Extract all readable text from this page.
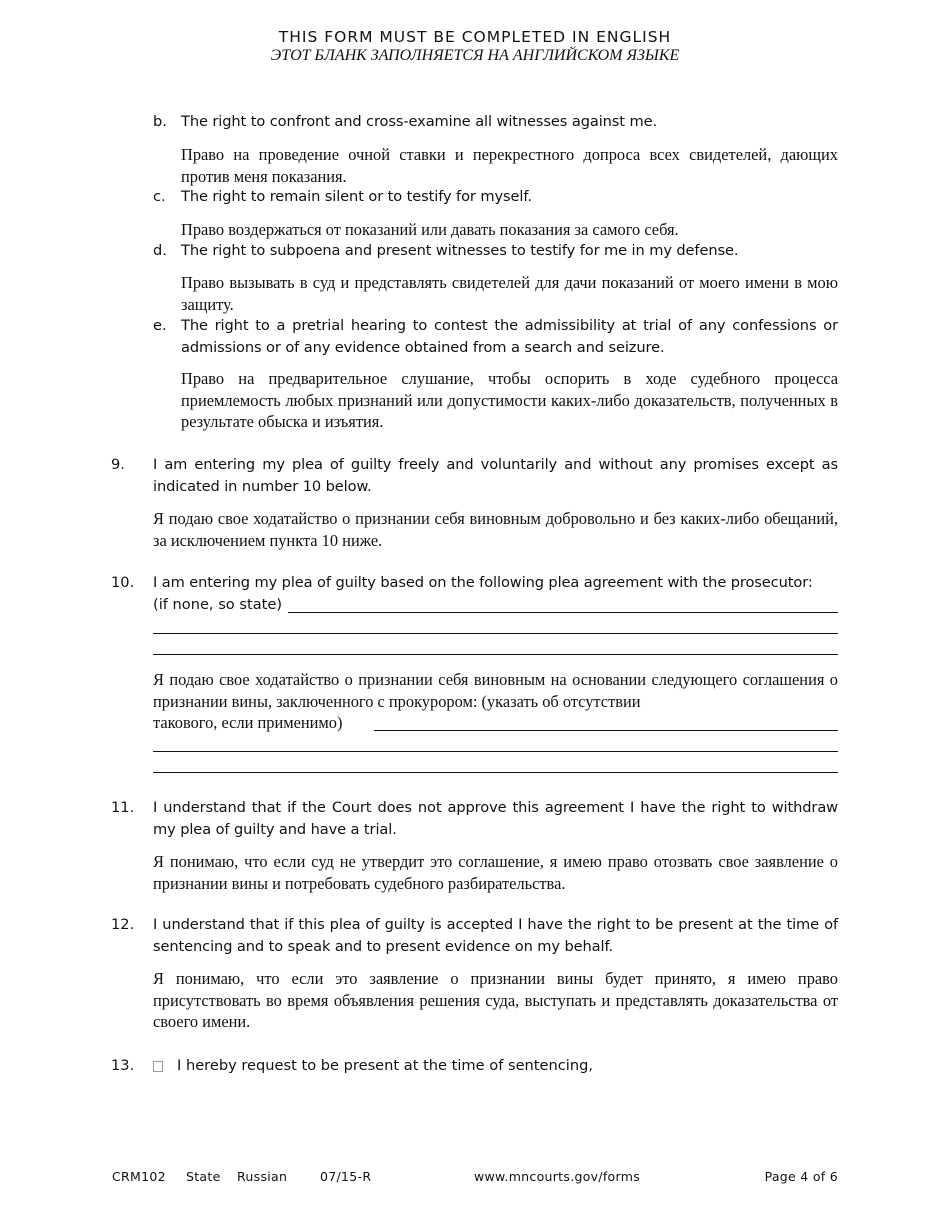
THIS FORM MUST BE COMPLETED IN ENGLISH
ЭТОТ БЛАНК ЗАПОЛНЯЕТСЯ НА АНГЛИЙСКОМ ЯЗЫКЕ
b. The right to confront and cross-examine all witnesses against me.
Право на проведение очной ставки и перекрестного допроса всех свидетелей, дающих против меня показания.
c. The right to remain silent or to testify for myself.
Право воздержаться от показаний или давать показания за самого себя.
d. The right to subpoena and present witnesses to testify for me in my defense.
Право вызывать в суд и представлять свидетелей для дачи показаний от моего имени в мою защиту.
e. The right to a pretrial hearing to contest the admissibility at trial of any confessions or admissions or of any evidence obtained from a search and seizure.
Право на предварительное слушание, чтобы оспорить в ходе судебного процесса приемлемость любых признаний или допустимости каких-либо доказательств, полученных в результате обыска и изъятия.
9. I am entering my plea of guilty freely and voluntarily and without any promises except as indicated in number 10 below.
Я подаю свое ходатайство о признании себя виновным добровольно и без каких-либо обещаний, за исключением пункта 10 ниже.
10. I am entering my plea of guilty based on the following plea agreement with the prosecutor:
(if none, so state)
Я подаю свое ходатайство о признании себя виновным на основании следующего соглашения о признании вины, заключенного с прокурором: (указать об отсутствии
такового, если применимо)
11. I understand that if the Court does not approve this agreement I have the right to withdraw my plea of guilty and have a trial.
Я понимаю, что если суд не утвердит это соглашение, я имею право отозвать свое заявление о признании вины и потребовать судебного разбирательства.
12. I understand that if this plea of guilty is accepted I have the right to be present at the time of sentencing and to speak and to present evidence on my behalf.
Я понимаю, что если это заявление о признании вины будет принято, я имею право присутствовать во время объявления решения суда, выступать и представлять доказательства от своего имени.
13.	I hereby request to be present at the time of sentencing,
CRM102 State Russian	07/15-R	www.mncourts.gov/forms	Page 4 of 6
